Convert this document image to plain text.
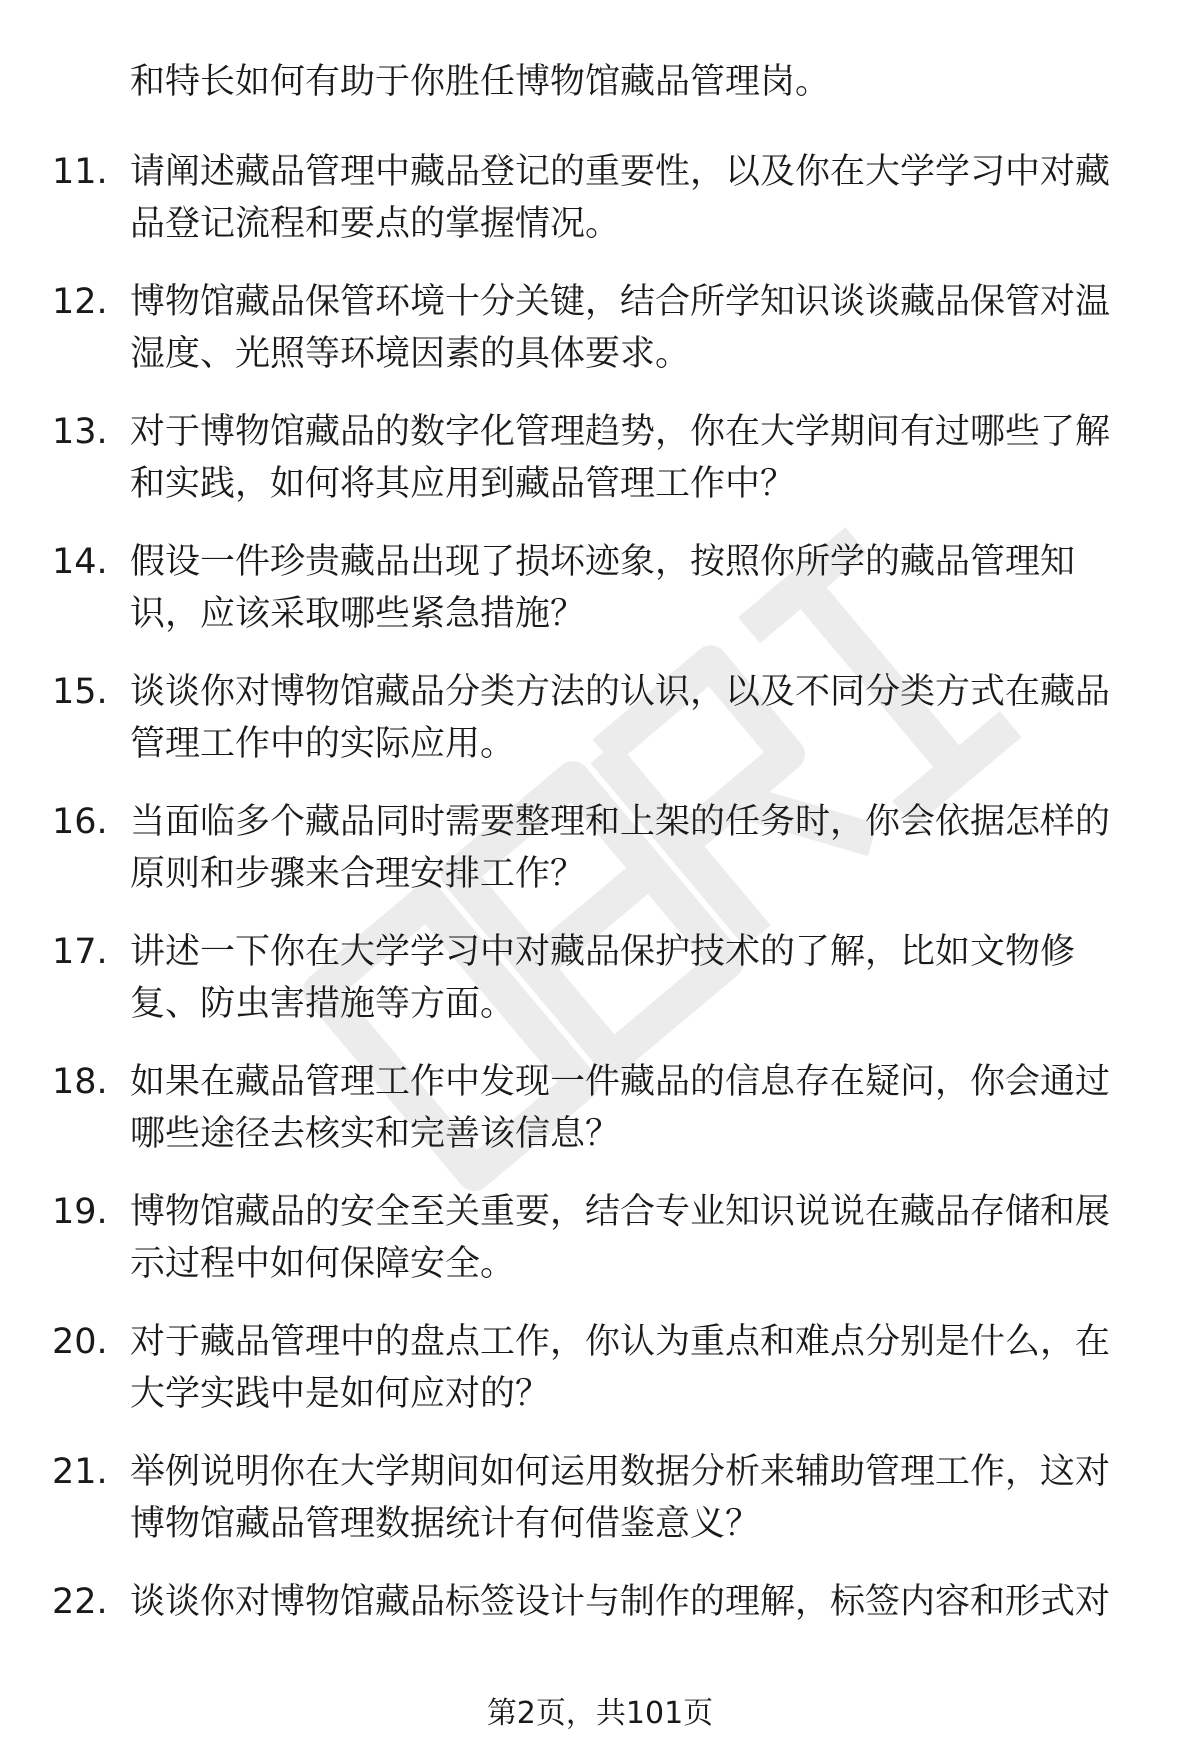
和特长如何有助于你胜任博物馆藏品管理岗。

11. 请阐述藏品管理中藏品登记的重要性，以及你在大学学习中对藏品登记流程和要点的掌握情况。

12. 博物馆藏品保管环境十分关键，结合所学知识谈谈藏品保管对温湿度、光照等环境因素的具体要求。

13. 对于博物馆藏品的数字化管理趋势，你在大学期间有过哪些了解和实践，如何将其应用到藏品管理工作中？

14. 假设一件珍贵藏品出现了损坏迹象，按照你所学的藏品管理知识，应该采取哪些紧急措施？

15. 谈谈你对博物馆藏品分类方法的认识，以及不同分类方式在藏品管理工作中的实际应用。

16. 当面临多个藏品同时需要整理和上架的任务时，你会依据怎样的原则和步骤来合理安排工作？

17. 讲述一下你在大学学习中对藏品保护技术的了解，比如文物修复、防虫害措施等方面。

18. 如果在藏品管理工作中发现一件藏品的信息存在疑问，你会通过哪些途径去核实和完善该信息？

19. 博物馆藏品的安全至关重要，结合专业知识说说在藏品存储和展示过程中如何保障安全。

20. 对于藏品管理中的盘点工作，你认为重点和难点分别是什么，在大学实践中是如何应对的？

21. 举例说明你在大学期间如何运用数据分析来辅助管理工作，这对博物馆藏品管理数据统计有何借鉴意义？

22. 谈谈你对博物馆藏品标签设计与制作的理解，标签内容和形式对

第2页，共101页
